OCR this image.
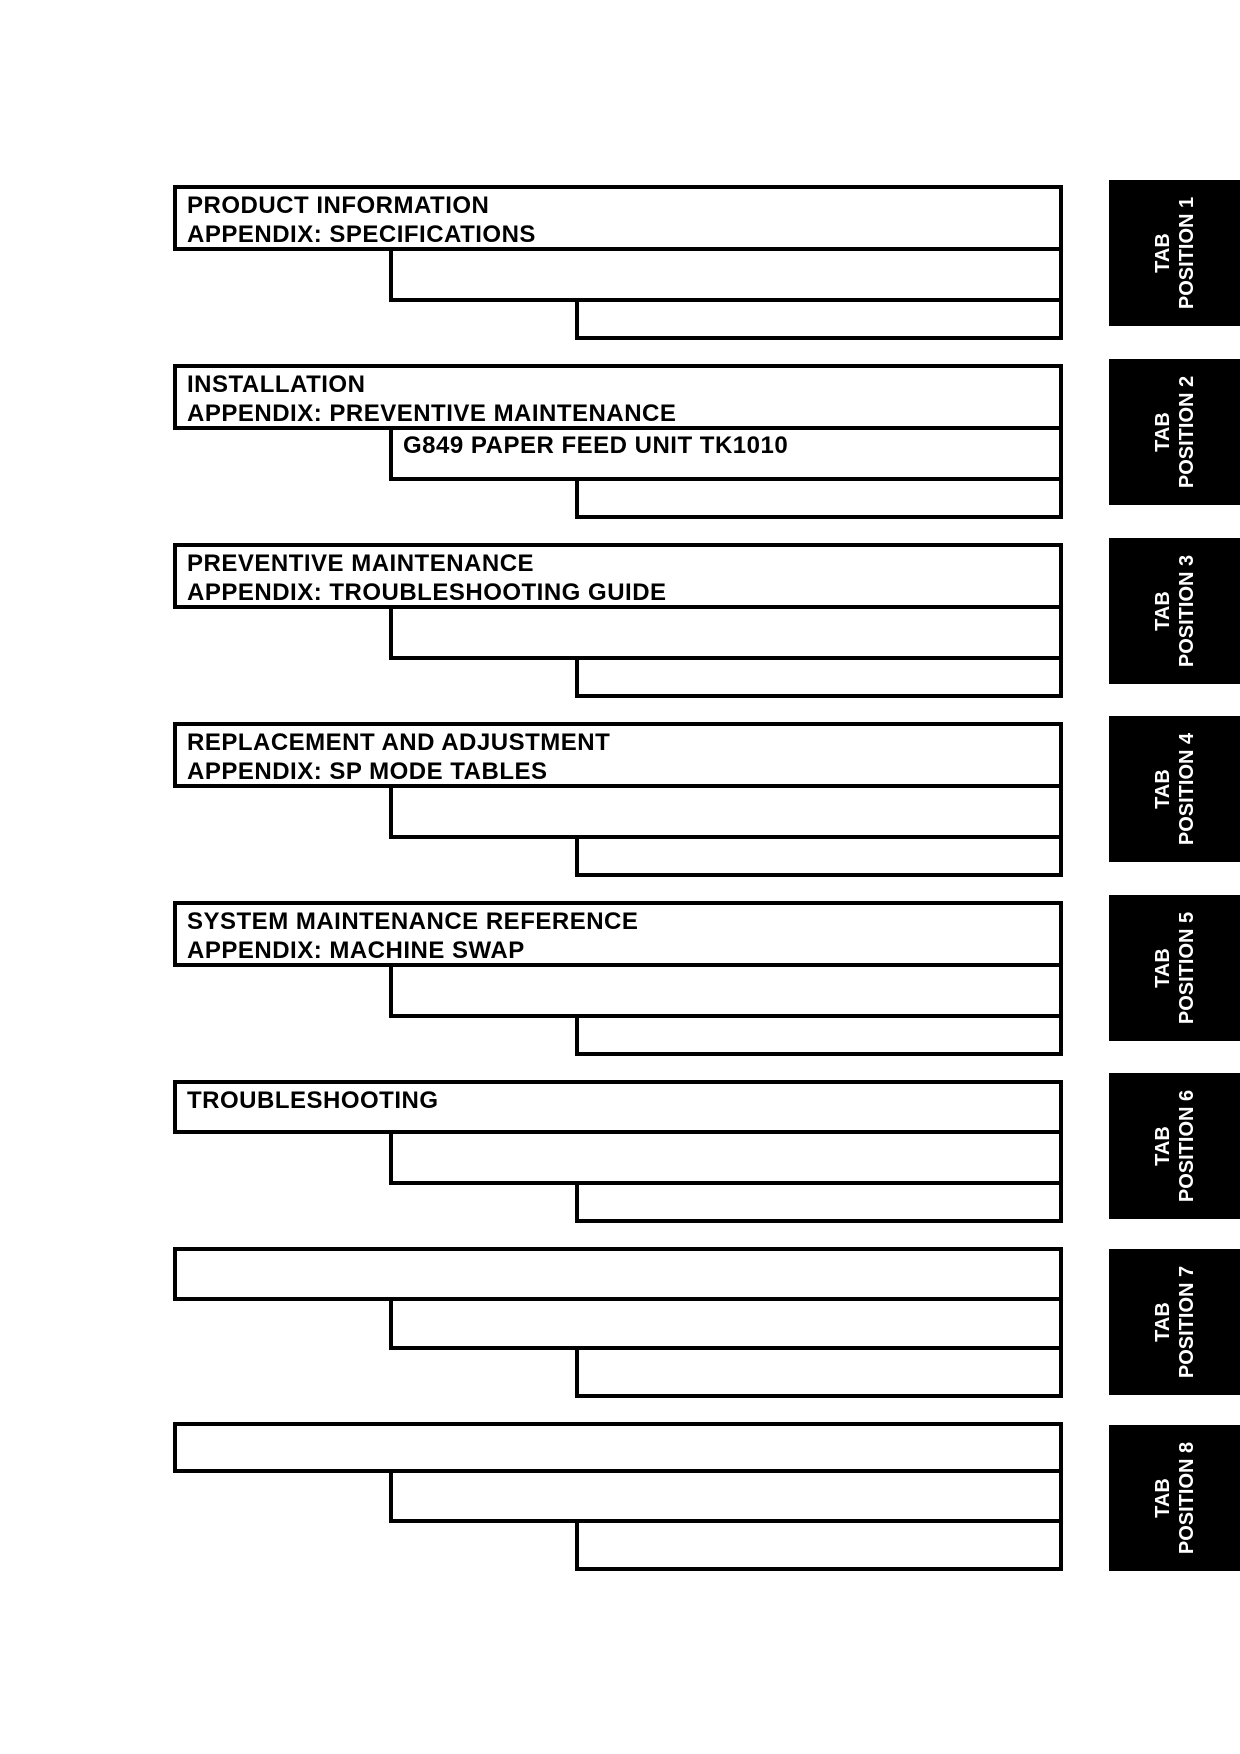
PRODUCT INFORMATION
APPENDIX: SPECIFICATIONS
INSTALLATION
APPENDIX: PREVENTIVE MAINTENANCE
G849 PAPER FEED UNIT TK1010
PREVENTIVE MAINTENANCE
APPENDIX: TROUBLESHOOTING GUIDE
REPLACEMENT AND ADJUSTMENT
APPENDIX: SP MODE TABLES
SYSTEM MAINTENANCE REFERENCE
APPENDIX: MACHINE SWAP
TROUBLESHOOTING
TAB POSITION 1
TAB POSITION 2
TAB POSITION 3
TAB POSITION 4
TAB POSITION 5
TAB POSITION 6
TAB POSITION 7
TAB POSITION 8
